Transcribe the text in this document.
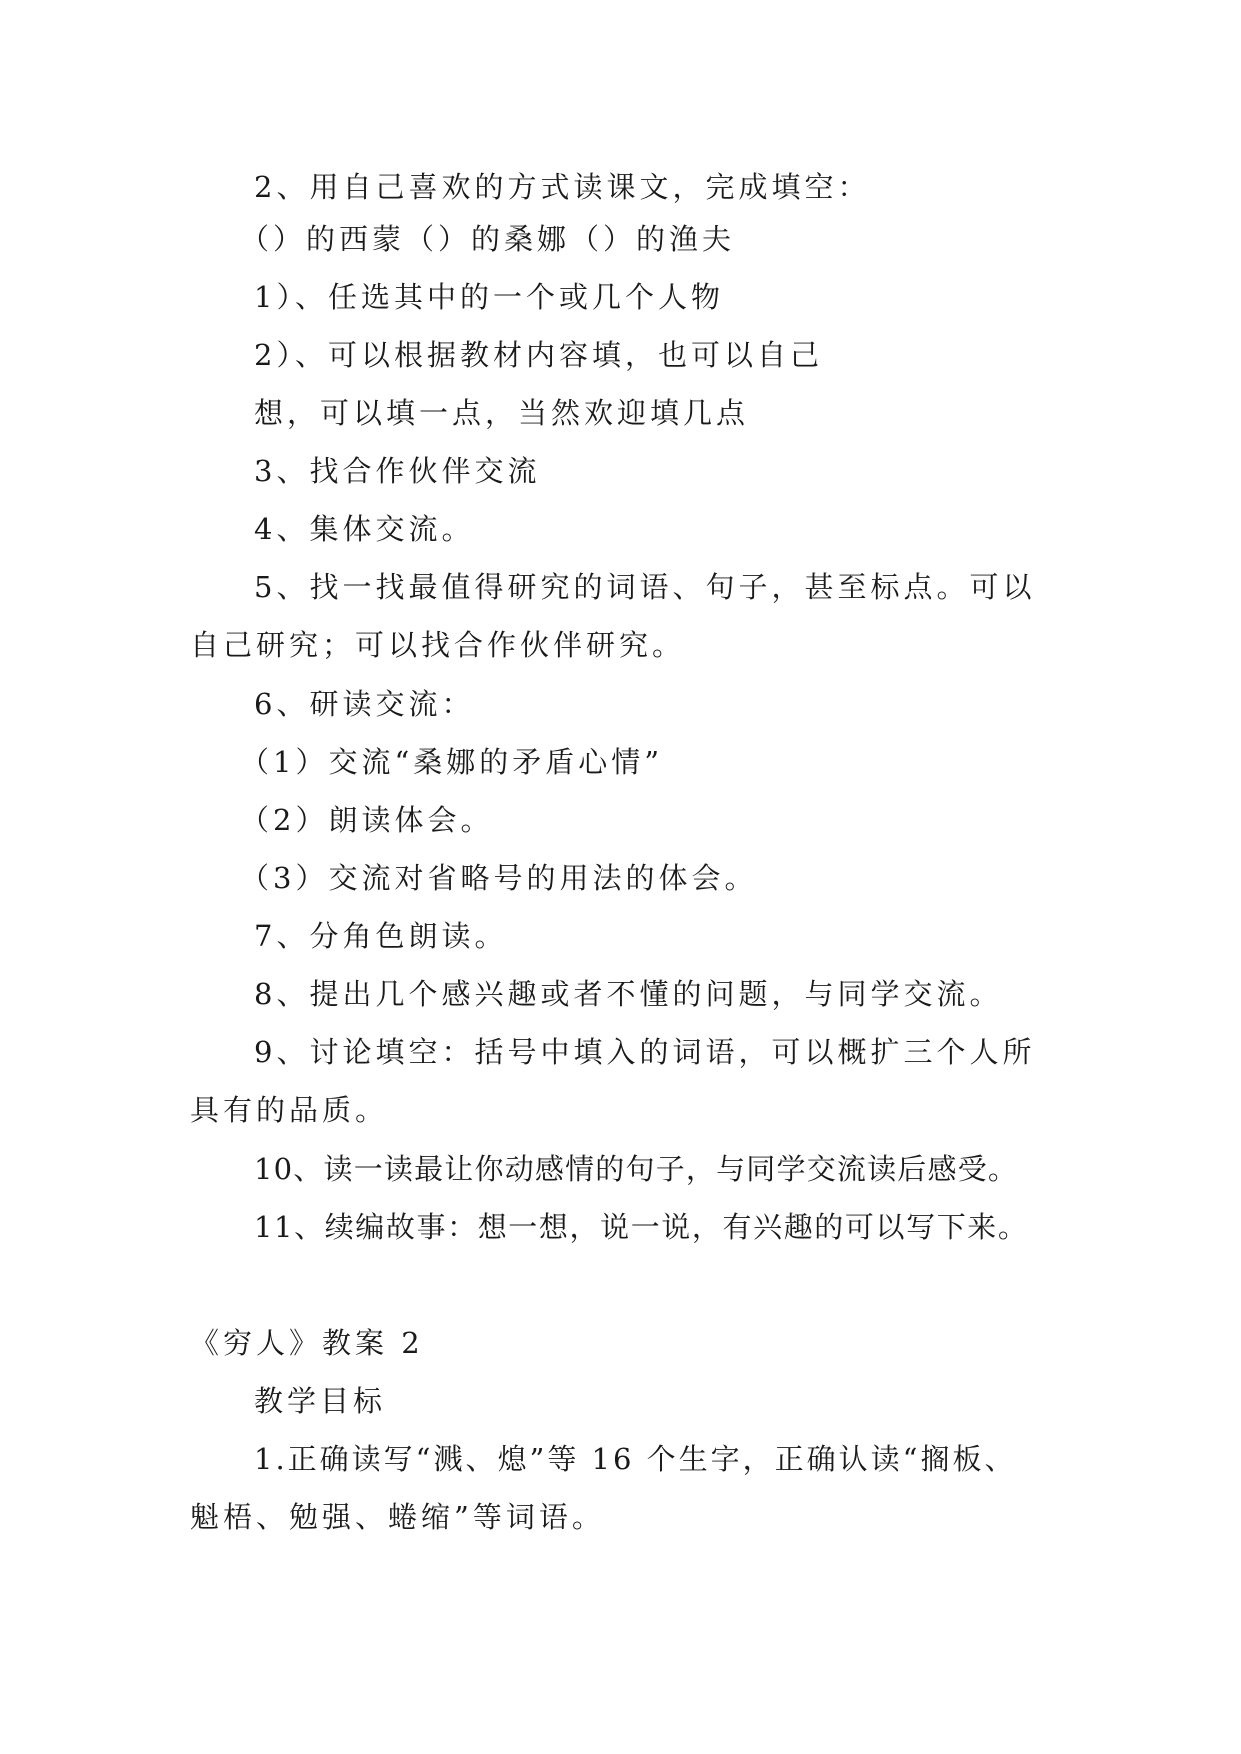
2、用自己喜欢的方式读课文，完成填空：
（）的西蒙（）的桑娜（）的渔夫
1）、任选其中的一个或几个人物
2）、可以根据教材内容填，也可以自己
想，可以填一点，当然欢迎填几点
3、找合作伙伴交流
4、集体交流。
5、找一找最值得研究的词语、句子，甚至标点。可以
自己研究；可以找合作伙伴研究。
6、研读交流：
（1）交流“桑娜的矛盾心情”
（2）朗读体会。
（3）交流对省略号的用法的体会。
7、分角色朗读。
8、提出几个感兴趣或者不懂的问题，与同学交流。
9、讨论填空：括号中填入的词语，可以概扩三个人所
具有的品质。
10、读一读最让你动感情的句子，与同学交流读后感受。
11、续编故事：想一想，说一说，有兴趣的可以写下来。
《穷人》教案 2
教学目标
1.正确读写“溅、熄”等 16 个生字，正确认读“搁板、
魁梧、勉强、蜷缩”等词语。
